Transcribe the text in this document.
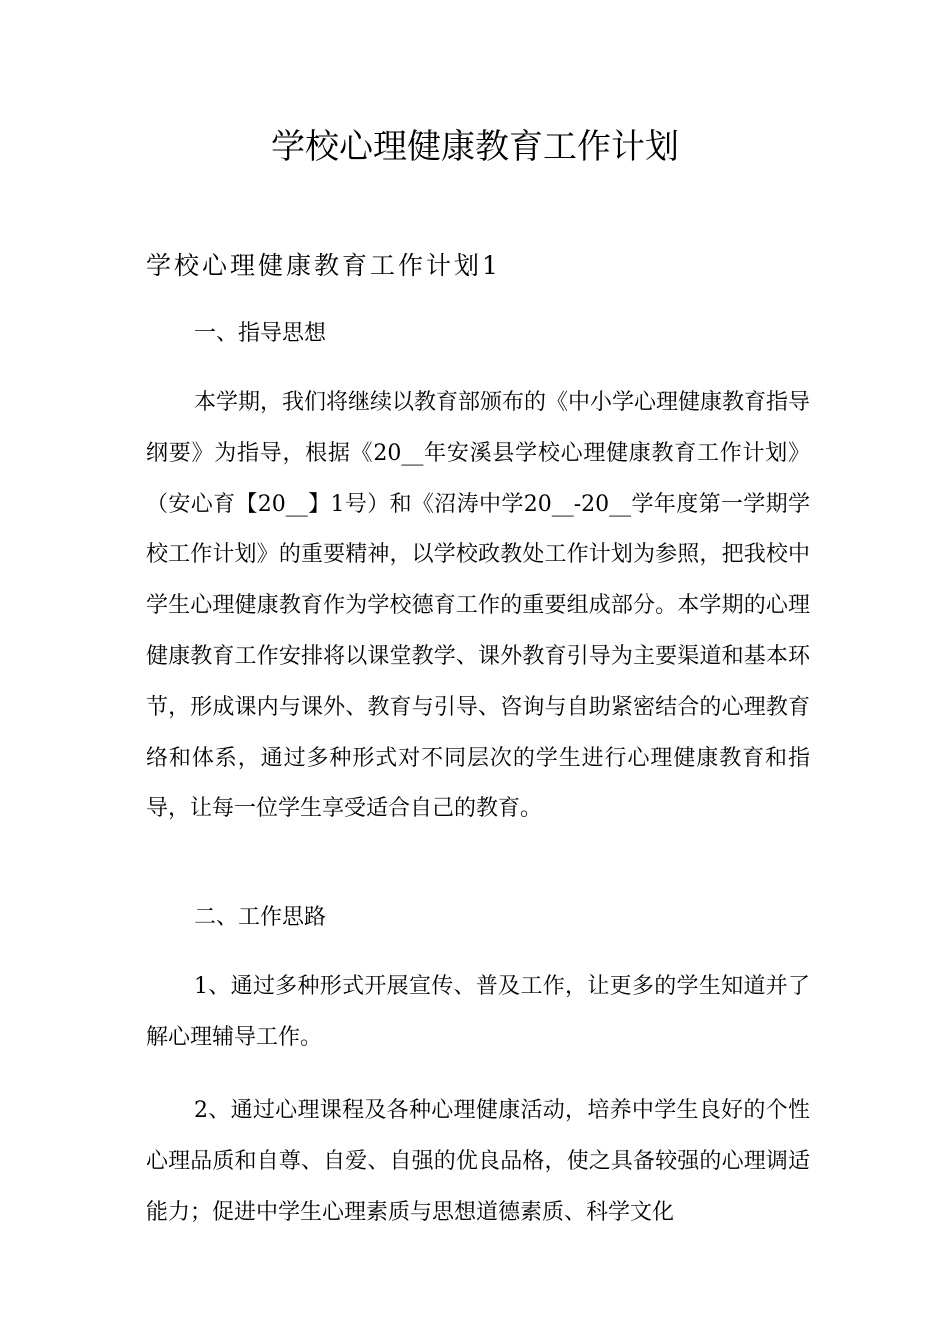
学校心理健康教育工作计划
学校心理健康教育工作计划1

一、指导思想

本学期，我们将继续以教育部颁布的《中小学心理健康教育指导纲要》为指导，根据《20__年安溪县学校心理健康教育工作计划》（安心育【20__】1号）和《沼涛中学20__-20__学年度第一学期学校工作计划》的重要精神，以学校政教处工作计划为参照，把我校中学生心理健康教育作为学校德育工作的重要组成部分。本学期的心理健康教育工作安排将以课堂教学、课外教育引导为主要渠道和基本环节，形成课内与课外、教育与引导、咨询与自助紧密结合的心理教育络和体系，通过多种形式对不同层次的学生进行心理健康教育和指导，让每一位学生享受适合自己的教育。

二、工作思路

1、通过多种形式开展宣传、普及工作，让更多的学生知道并了解心理辅导工作。

2、通过心理课程及各种心理健康活动，培养中学生良好的个性心理品质和自尊、自爱、自强的优良品格，使之具备较强的心理调适能力；促进中学生心理素质与思想道德素质、科学文化
